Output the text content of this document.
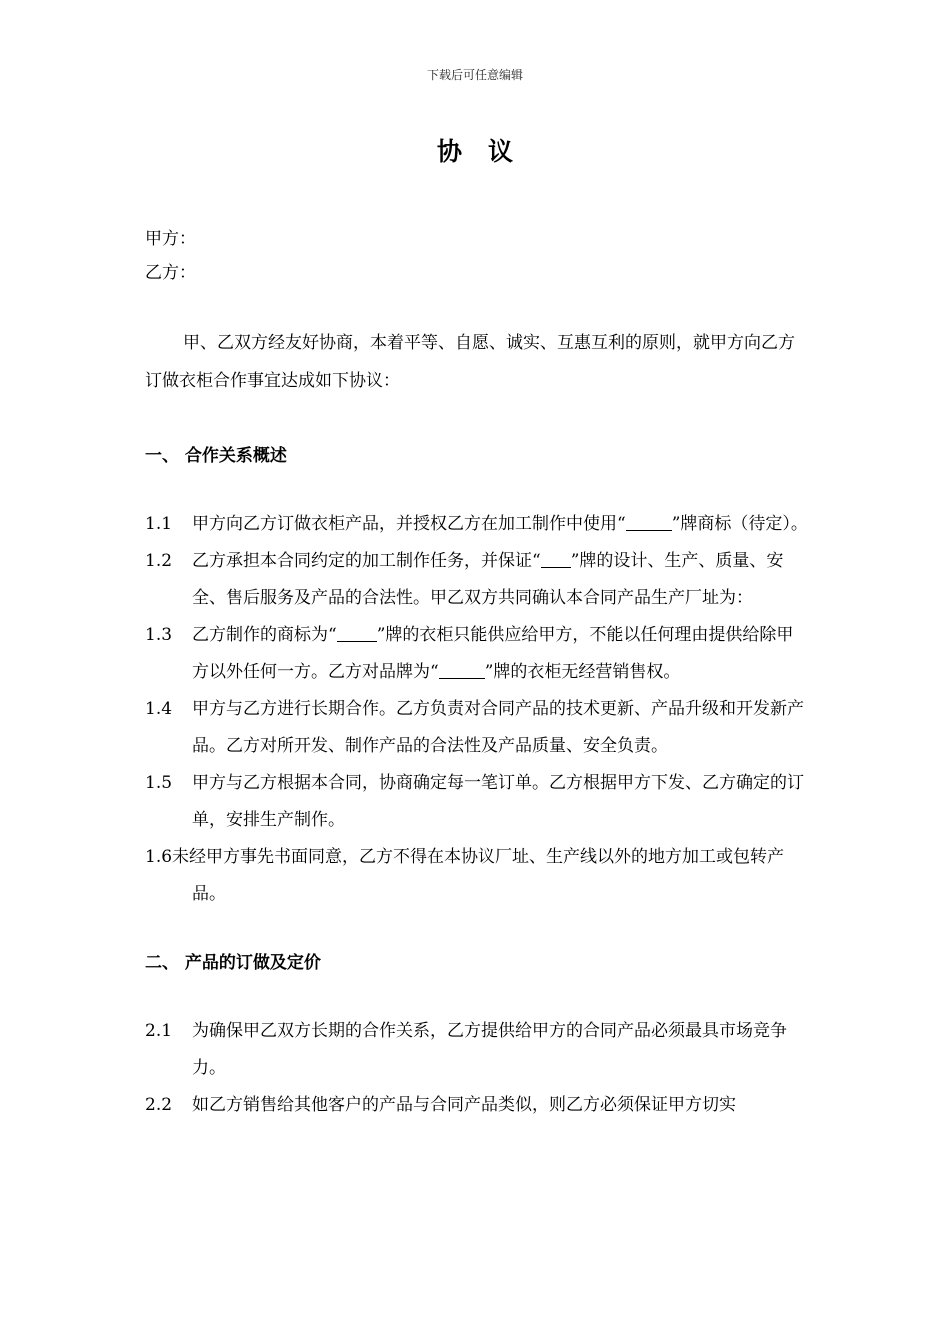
下载后可任意编辑
协议
甲方：
乙方：
甲、乙双方经友好协商，本着平等、自愿、诚实、互惠互利的原则，就甲方向乙方订做衣柜合作事宜达成如下协议：
一、 合作关系概述
1.1 甲方向乙方订做衣柜产品，并授权乙方在加工制作中使用“	”牌商标（待定）。
1.2 乙方承担本合同约定的加工制作任务，并保证“ ”牌的设计、生产、质量、安全、售后服务及产品的合法性。甲乙双方共同确认本合同产品生产厂址为：
1.3 乙方制作的商标为“ ”牌的衣柜只能供应给甲方，不能以任何理由提供给除甲方以外任何一方。乙方对品牌为“	”牌的衣柜无经营销售权。
1.4 甲方与乙方进行长期合作。乙方负责对合同产品的技术更新、产品升级和开发新产品。乙方对所开发、制作产品的合法性及产品质量、安全负责。
1.5 甲方与乙方根据本合同，协商确定每一笔订单。乙方根据甲方下发、乙方确定的订单，安排生产制作。
1.6未经甲方事先书面同意，乙方不得在本协议厂址、生产线以外的地方加工或包转产品。
二、 产品的订做及定价
2.1 为确保甲乙双方长期的合作关系，乙方提供给甲方的合同产品必须最具市场竞争力。
2.2 如乙方销售给其他客户的产品与合同产品类似，则乙方必须保证甲方切实
